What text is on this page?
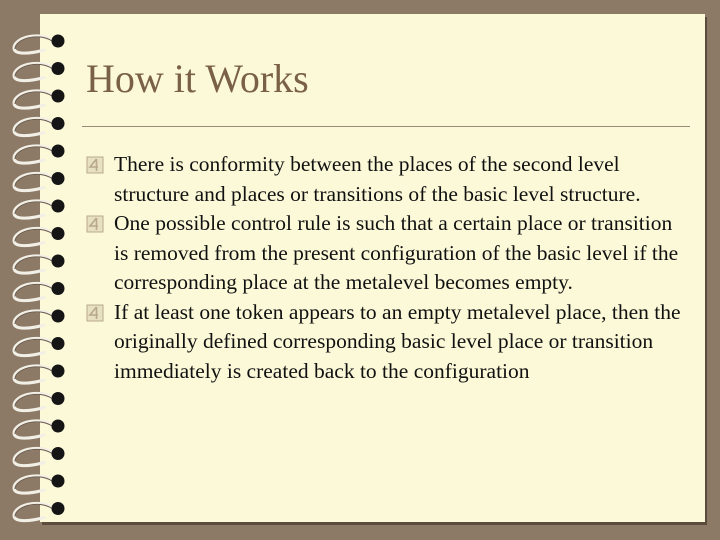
How it Works
There is conformity between the places of the second level structure and places or transitions of the basic level structure.
One possible control rule is such that a certain place or transition is removed from the present configuration of the basic level if the corresponding place at the metalevel becomes empty.
If at least one token appears to an empty metalevel place, then the originally defined corresponding basic level place or transition immediately is created back to the configuration
